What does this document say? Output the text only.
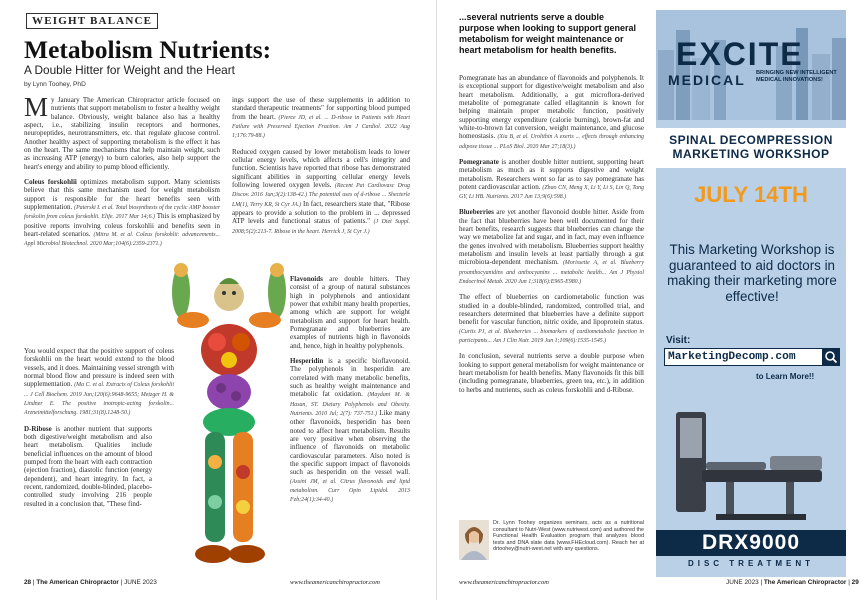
WEIGHT BALANCE
Metabolism Nutrients:
A Double Hitter for Weight and the Heart
by Lynn Toohey, PhD

My January The American Chiropractor article focused on nutrients that support metabolism to foster a healthy weight balance. Obviously, weight balance also has a healthy aspect, i.e., stabilizing insulin receptors and hormones, neuropeptides, neurotransmitters, etc. that regulate glucose control. Another healthy aspect of supporting metabolism is the effect it has on the heart. The same mechanisms that help maintain weight, such as increasing ATP (energy) to burn calories, also help support the heart's energy and ability to pump blood efficiently.

Coleus forskohlii optimizes metabolism support. Many scientists believe that this same mechanism used for weight metabolism support is responsible for the heart benefits seen with supplementation. (Paterski I. et al. Total biosynthesis of the cyclic AMP booster forskolin from coleus forskohlii. Elife. 2017 Mar 14;6.) This is emphasized by positive reports involving coleus forskohlii and benefits seen in heart-related scenarios. (Mitra M. et al. Coleus forskohlii: advancements... Appl Microbiol Biotechnol. 2020 Mar;104(6):2359-2371.)

You would expect that the positive support of coleus forskohlii on the heart would extend to the blood vessels, and it does. Maintaining vessel strength with normal blood flow and pressure is indeed seen with supplementation. (Ma C. et al. Extracts of Coleus forskohlii ... J Cell Biochem. 2019 Jun;120(6):9648-9655; Metzger H. & Lindner E. The positive inotropic-acting forskolin... Arzneimittelforschung. 1981;31(8).1248-50.)

D-Ribose is another nutrient that supports both digestive/weight metabolism and also heart metabolism. Qualities include beneficial influences on the amount of blood pumped from the heart with each contraction (ejection fraction), diastolic function (energy dependent), and heart integrity. In fact, a recent, randomized, double-blinded, placebo-controlled study involving 216 people resulted in a conclusion that, "These find-

ings support the use of these supplements in addition to standard therapeutic treatments" for supporting blood pumped from the heart. (Pierce JD, et al. ... D-ribose in Patients with Heart Failure with Preserved Ejection Fraction. Am J Cardiol. 2022 Aug 1;176:79-88.)

Reduced oxygen caused by lower metabolism leads to lower cellular energy levels, which affects a cell's integrity and function. Scientists have reported that ribose has demonstrated significant abilities in supporting cellular energy levels following lowered oxygen levels. (Recent Pat Cardiovasc Drug Discov. 2016 Jun;3(2):138-42.) The potential uses of d-ribose ... Shecterle LM(1), Terry KR, St Cyr JA.) In fact, researchers state that, "Ribose appears to provide a solution to the problem in ... depressed ATP levels and functional status of patients." (J Diet Suppl. 2008;5(2):213-7. Ribose in the heart. Herrick J, St Cyr J.)

Flavonoids are double hitters. They consist of a group of natural substances high in polyphenols and antioxidant power that exhibit many health properties, among which are support for weight metabolism and support for heart health. Pomegranate and blueberries are examples of nutrients high in flavonoids and, hence, high in healthy polyphenols.

Hesperidin is a specific bioflavonoid. The polyphenols in hesperidin are correlated with many metabolic benefits, such as healthy weight maintenance and metabolic fat oxidation. (Maydani M. & Hasan, ST. Dietary Polyphenols and Obesity. Nutrients. 2010 Jul; 2(7): 737-751.) Like many other flavonoids, hesperidin has been noted to affect heart metabolism. Results are very positive when observing the influence of flavonoids on metabolic cardiovascular parameters. Also noted is the specific support impact of flavonoids such as hesperidin on the vessel wall. (Assini JM, et al. Citrus flavonoids and lipid metabolism. Curr Opin Lipidol. 2013 Feb;24(1):34-40.)

28 | The American Chiropractor | JUNE 2023	www.theamericanchiropractor.com
...several nutrients serve a double purpose when looking to support general metabolism for weight maintenance or heart metabolism for health benefits.

Pomegranate has an abundance of flavonoids and polyphenols. It is exceptional support for digestive/weight metabolism and also heart metabolism. Additionally, a gut microflora-derived metabolite of pomegranate called ellagitannin is known for helping maintain proper metabolic function, positively supporting energy expenditure (calorie burning), brown-fat and white-to-brown fat conversion, weight maintenance, and glucose homeostasis. (Xia B, et al. Urolithin A exerts ... effects through enhancing adipose tissue ... PLoS Biol. 2020 Mar 27;18(3).)

Pomegranate is another double hitter nutrient, supporting heart metabolism as much as it supports digestive and weight metabolism. Researchers went so far as to say pomegranate has potent cardiovascular action. (Zhao CN, Meng X, Li Y, Li S, Lin Q, Tang GY, Li HB. Nutrients. 2017 Jun 13;9(6):598.)

Blueberries are yet another flavonoid double hitter. Aside from the fact that blueberries have been well documented for their heart benefits, research suggests that blueberries can change the way we metabolize fat and sugar, and in fact, may even influence the genes involved with metabolism. Blueberries support healthy metabolism and insulin levels at least partially through a gut microbiota-dependent mechanism. (Morissette A, et al. Blueberry proanthocyanidins and anthocyanins ... metabolic health... Am J Physiol Endocrinol Metab. 2020 Jun 1;318(6):E965-E980.)

The effect of blueberries on cardiometabolic function was studied in a double-blinded, randomized, controlled trial, and researchers determined that blueberries have a definite support benefit for vascular function, nitric oxide, and lipoprotein status. (Curtis PJ, et al. Blueberries ... biomarkers of cardiometabolic function in participants... Am J Clin Nutr. 2019 Jun 1;109(6):1535-1545.)

In conclusion, several nutrients serve a double purpose when looking to support general metabolism for weight maintenance or heart metabolism for health benefits. Many flavonoids fit this bill (including pomegranate, blueberries, green tea, etc.), in addition to herbs and nutrients, such as coleus forskohlii and d-Ribose.

Dr. Lynn Toohey organizes seminars, acts as a nutritional consultant to Nutri-West (www.nutriwest.com) and authored the Functional Health Evaluation program that analyzes blood tests and DNA slate data (www.FHEcloud.com). Reach her at drtoohey@nutri-west.net with any questions.
www.theamericanchiropractor.com	JUNE 2023 | The American Chiropractor | 29
EXCITE
MEDICAL BRINGING NEW INTELLIGENT MEDICAL INNOVATIONS!
SPINAL DECOMPRESSION
MARKETING WORKSHOP
JULY 14TH
This Marketing Workshop is guaranteed to aid doctors in making their marketing more effective!
Visit:
MarketingDecomp.com
to Learn More!!
DRX9000
DISC TREATMENT
